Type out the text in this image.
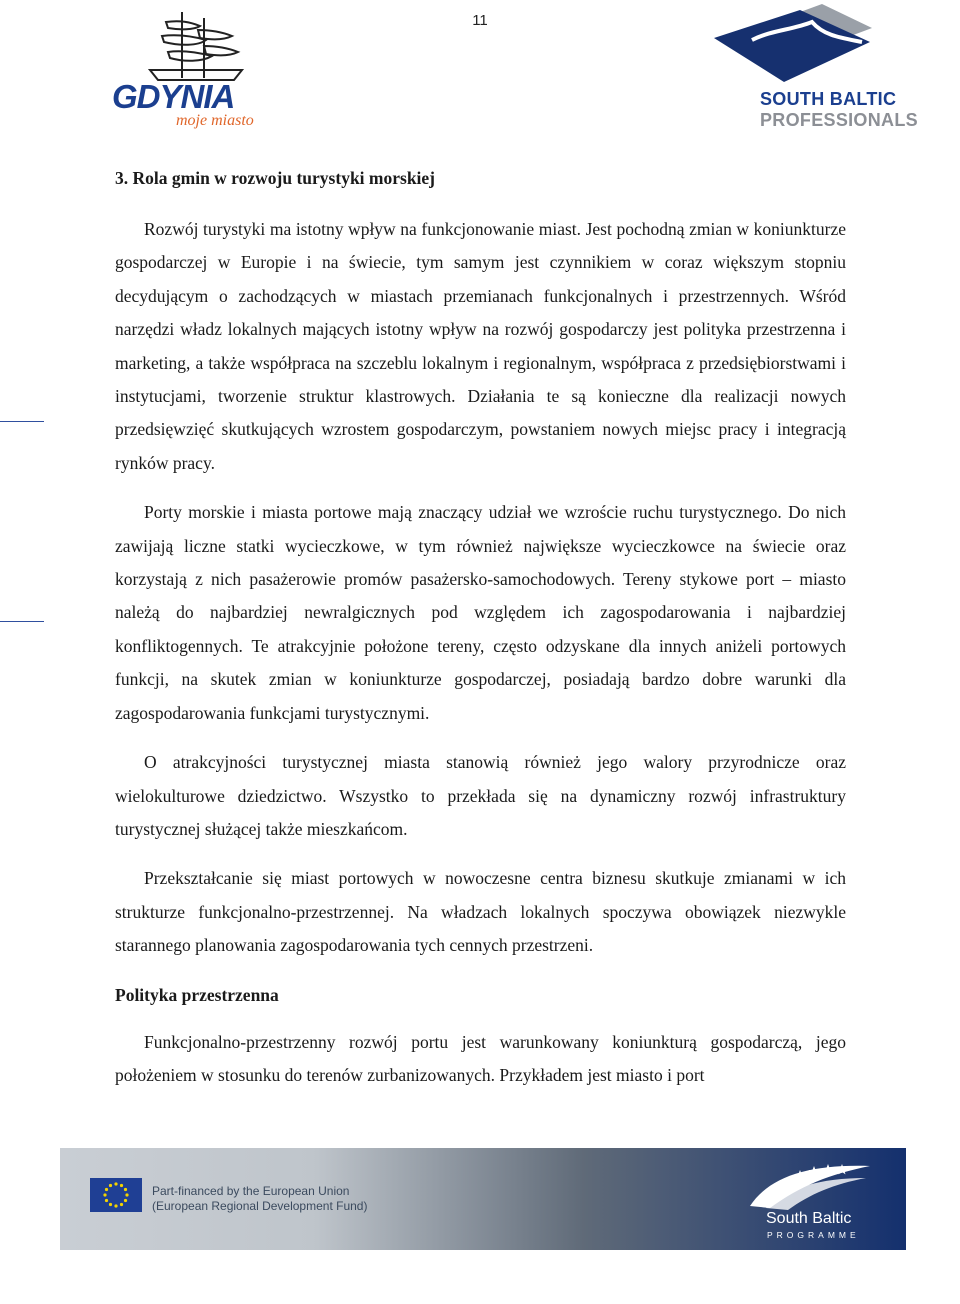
11
GDYNIA
moje miasto
SOUTH BALTIC
PROFESSIONALS
3. Rola gmin w rozwoju turystyki morskiej

Rozwój turystyki ma istotny wpływ na funkcjonowanie miast. Jest pochodną zmian w koniunkturze gospodarczej w Europie i na świecie, tym samym jest czynnikiem w coraz większym stopniu decydującym o zachodzących w miastach przemianach funkcjonalnych i przestrzennych. Wśród narzędzi władz lokalnych mających istotny wpływ na rozwój gospodarczy jest polityka przestrzenna i marketing, a także współpraca na szczeblu lokalnym i regionalnym, współpraca z przedsiębiorstwami i instytucjami, tworzenie struktur klastrowych. Działania te są konieczne dla realizacji nowych przedsięwzięć skutkujących wzrostem gospodarczym, powstaniem nowych miejsc pracy i integracją rynków pracy.

Porty morskie i miasta portowe mają znaczący udział we wzroście ruchu turystycznego. Do nich zawijają liczne statki wycieczkowe, w tym również największe wycieczkowce na świecie oraz korzystają z nich pasażerowie promów pasażersko-samochodowych. Tereny stykowe port – miasto należą do najbardziej newralgicznych pod względem ich zagospodarowania i najbardziej konfliktogennych. Te atrakcyjnie położone tereny, często odzyskane dla innych aniżeli portowych funkcji, na skutek zmian w koniunkturze gospodarczej, posiadają bardzo dobre warunki dla zagospodarowania funkcjami turystycznymi.

O atrakcyjności turystycznej miasta stanowią również jego walory przyrodnicze oraz wielokulturowe dziedzictwo. Wszystko to przekłada się na dynamiczny rozwój infrastruktury turystycznej służącej także mieszkańcom.

Przekształcanie się miast portowych w nowoczesne centra biznesu skutkuje zmianami w ich strukturze funkcjonalno-przestrzennej. Na władzach lokalnych spoczywa obowiązek niezwykle starannego planowania zagospodarowania tych cennych przestrzeni.

Polityka przestrzenna

Funkcjonalno-przestrzenny rozwój portu jest warunkowany koniunkturą gospodarczą, jego położeniem w stosunku do terenów zurbanizowanych. Przykładem jest miasto i port

Part-financed by the European Union
(European Regional Development Fund)
South Baltic
PROGRAMME
